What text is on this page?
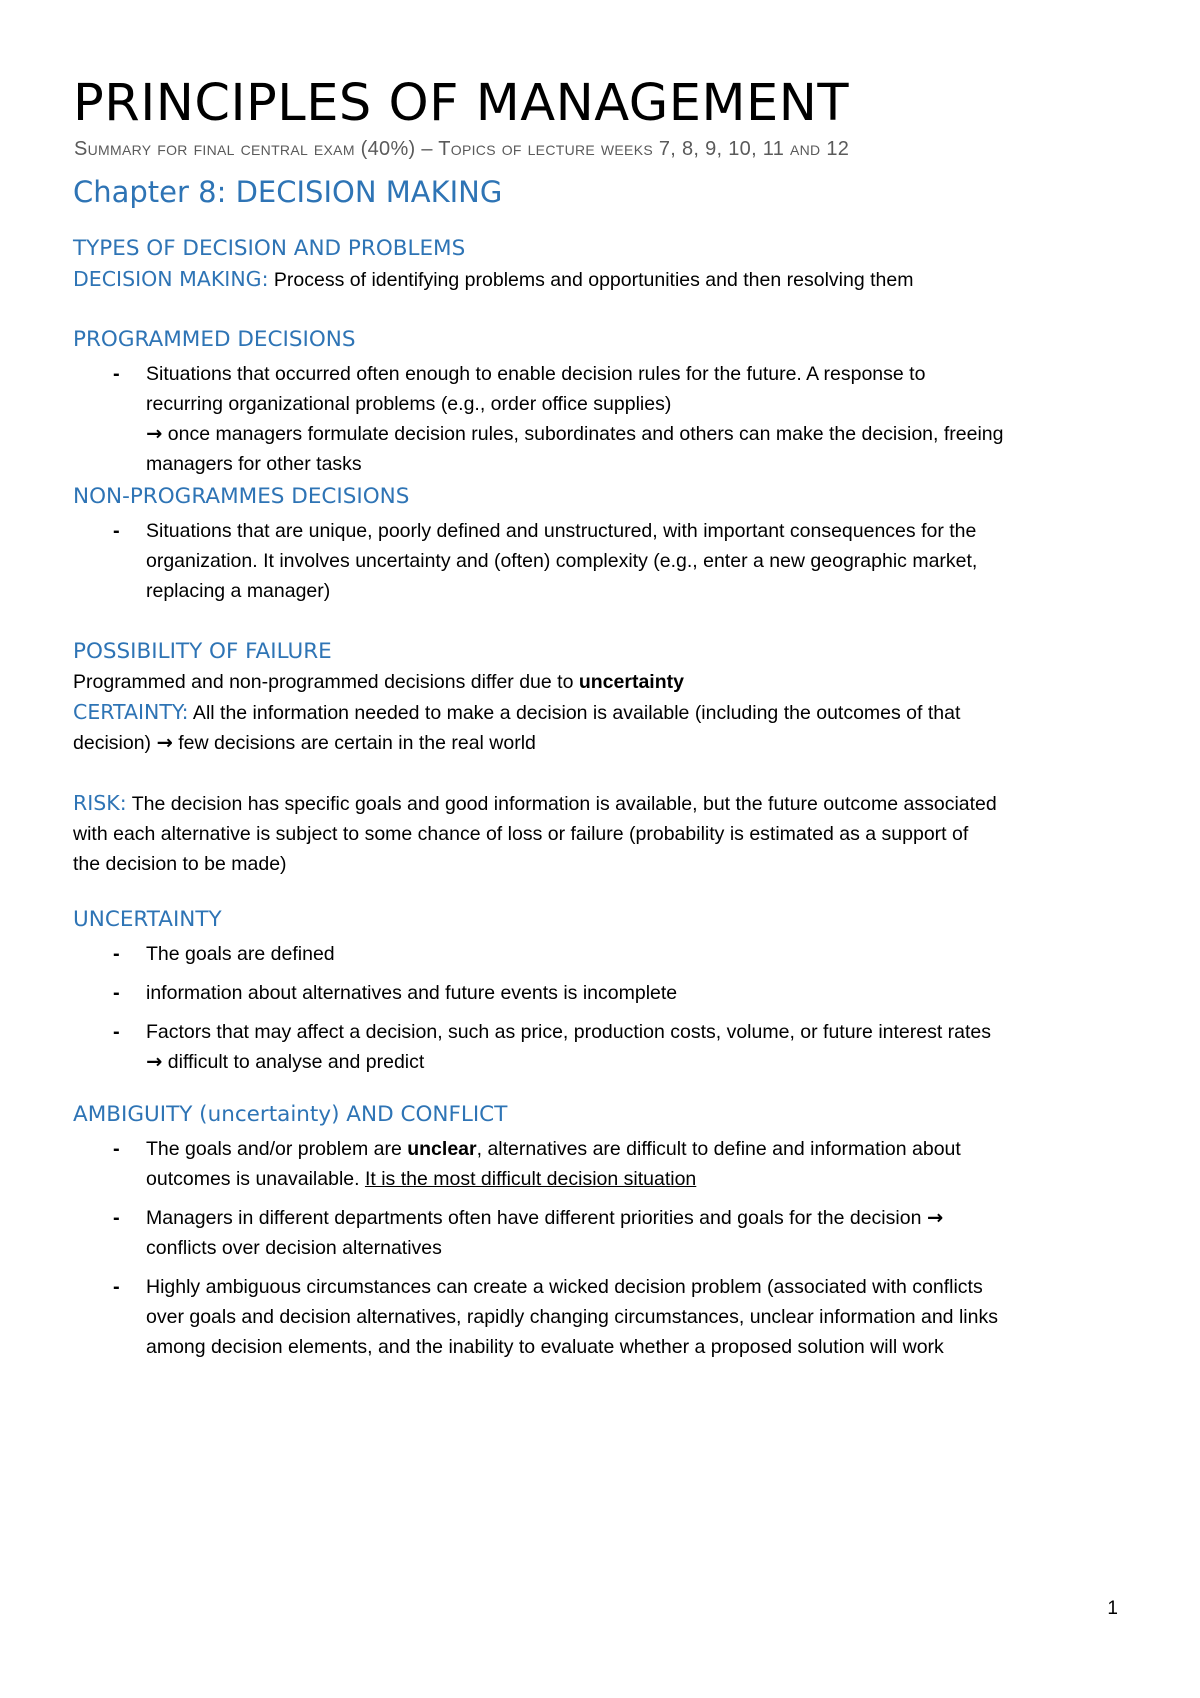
PRINCIPLES OF MANAGEMENT

Summary for final central exam (40%) – Topics of lecture weeks 7, 8, 9, 10, 11 and 12

Chapter 8: DECISION MAKING
TYPES OF DECISION AND PROBLEMS

DECISION MAKING: Process of identifying problems and opportunities and then resolving them

PROGRAMMED DECISIONS
- Situations that occurred often enough to enable decision rules for the future. A response to
recurring organizational problems (e.g., order office supplies)
→ once managers formulate decision rules, subordinates and others can make the decision, freeing
managers for other tasks
NON-PROGRAMMES DECISIONS
- Situations that are unique, poorly defined and unstructured, with important consequences for the
organization. It involves uncertainty and (often) complexity (e.g., enter a new geographic market,
replacing a manager)
POSSIBILITY OF FAILURE

Programmed and non-programmed decisions differ due to uncertainty

CERTAINTY: All the information needed to make a decision is available (including the outcomes of that

decision) → few decisions are certain in the real world

RISK: The decision has specific goals and good information is available, but the future outcome associated

with each alternative is subject to some chance of loss or failure (probability is estimated as a support of

the decision to be made)

UNCERTAINTY
- The goals are defined
- information about alternatives and future events is incomplete
- Factors that may affect a decision, such as price, production costs, volume, or future interest rates
→ difficult to analyse and predict
AMBIGUITY (uncertainty) AND CONFLICT
- The goals and/or problem are unclear, alternatives are difficult to define and information about
outcomes is unavailable. It is the most difficult decision situation
- Managers in different departments often have different priorities and goals for the decision →
conflicts over decision alternatives
- Highly ambiguous circumstances can create a wicked decision problem (associated with conflicts
over goals and decision alternatives, rapidly changing circumstances, unclear information and links
among decision elements, and the inability to evaluate whether a proposed solution will work
1
